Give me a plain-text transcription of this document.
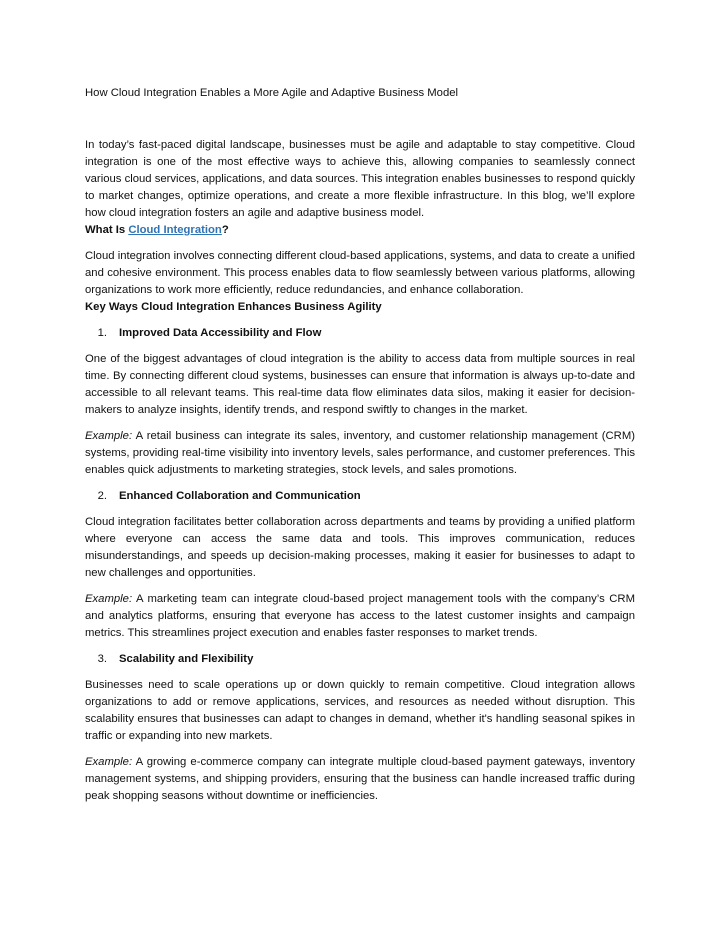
How Cloud Integration Enables a More Agile and Adaptive Business Model

In today’s fast-paced digital landscape, businesses must be agile and adaptable to stay competitive. Cloud integration is one of the most effective ways to achieve this, allowing companies to seamlessly connect various cloud services, applications, and data sources. This integration enables businesses to respond quickly to market changes, optimize operations, and create a more flexible infrastructure. In this blog, we’ll explore how cloud integration fosters an agile and adaptive business model.

What Is Cloud Integration?

Cloud integration involves connecting different cloud-based applications, systems, and data to create a unified and cohesive environment. This process enables data to flow seamlessly between various platforms, allowing organizations to work more efficiently, reduce redundancies, and enhance collaboration.

Key Ways Cloud Integration Enhances Business Agility
1.	Improved Data Accessibility and Flow

One of the biggest advantages of cloud integration is the ability to access data from multiple sources in real time. By connecting different cloud systems, businesses can ensure that information is always up-to-date and accessible to all relevant teams. This real-time data flow eliminates data silos, making it easier for decision-makers to analyze insights, identify trends, and respond swiftly to changes in the market.

Example: A retail business can integrate its sales, inventory, and customer relationship management (CRM) systems, providing real-time visibility into inventory levels, sales performance, and customer preferences. This enables quick adjustments to marketing strategies, stock levels, and sales promotions.

2.	Enhanced Collaboration and Communication

Cloud integration facilitates better collaboration across departments and teams by providing a unified platform where everyone can access the same data and tools. This improves communication, reduces misunderstandings, and speeds up decision-making processes, making it easier for businesses to adapt to new challenges and opportunities.

Example: A marketing team can integrate cloud-based project management tools with the company’s CRM and analytics platforms, ensuring that everyone has access to the latest customer insights and campaign metrics. This streamlines project execution and enables faster responses to market trends.

3.	Scalability and Flexibility

Businesses need to scale operations up or down quickly to remain competitive. Cloud integration allows organizations to add or remove applications, services, and resources as needed without disruption. This scalability ensures that businesses can adapt to changes in demand, whether it's handling seasonal spikes in traffic or expanding into new markets.

Example: A growing e-commerce company can integrate multiple cloud-based payment gateways, inventory management systems, and shipping providers, ensuring that the business can handle increased traffic during peak shopping seasons without downtime or inefficiencies.
